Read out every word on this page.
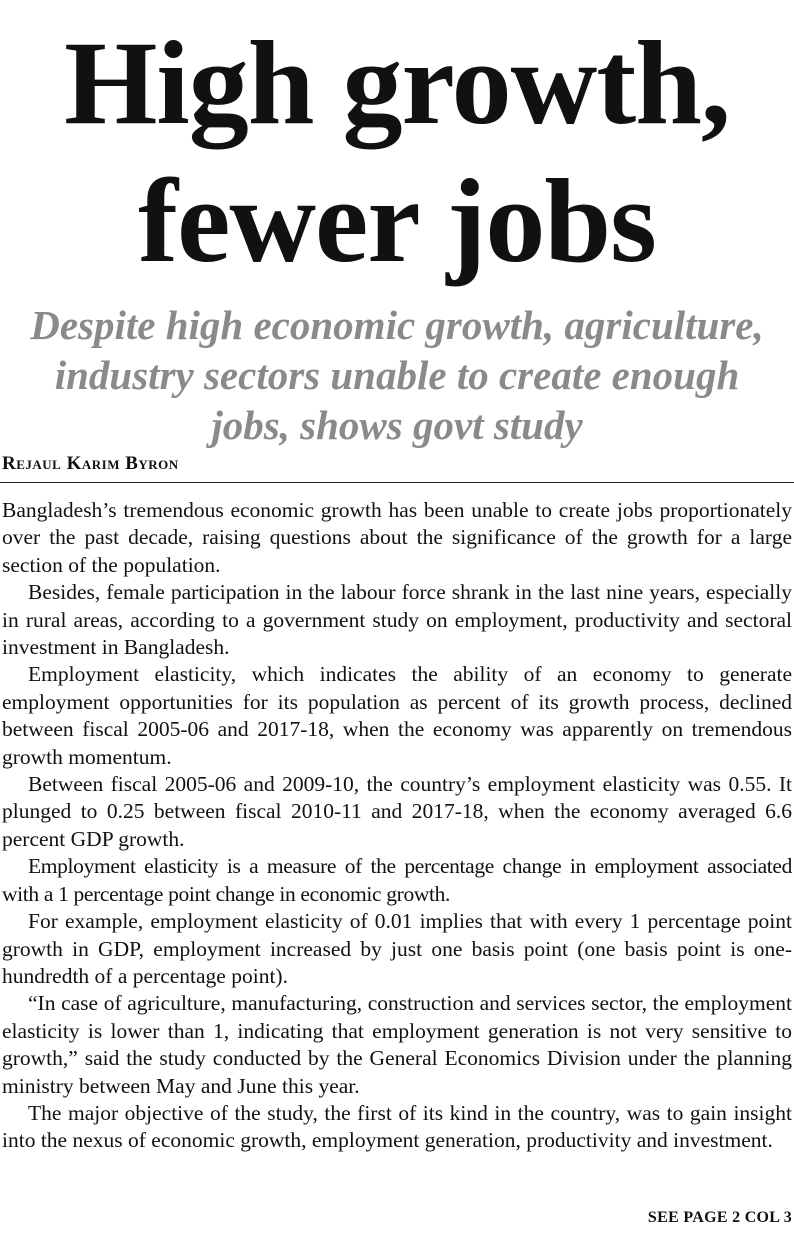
High growth,
fewer jobs
Despite high economic growth, agriculture,
industry sectors unable to create enough
jobs, shows govt study
Rejaul Karim Byron

Bangladesh’s tremendous economic growth has been unable to create jobs proportionately over the past decade, raising questions about the significance of the growth for a large section of the population.

Besides, female participation in the labour force shrank in the last nine years, especially in rural areas, according to a government study on employment, productivity and sectoral investment in Bangladesh.

Employment elasticity, which indicates the ability of an economy to generate employment opportunities for its population as percent of its growth process, declined between fiscal 2005-06 and 2017-18, when the economy was apparently on tremendous growth momentum.

Between fiscal 2005-06 and 2009-10, the country’s employment elasticity was 0.55. It plunged to 0.25 between fiscal 2010-11 and 2017-18, when the economy averaged 6.6 percent GDP growth.

Employment elasticity is a measure of the percentage change in employment associated with a 1 percentage point change in economic growth.

For example, employment elasticity of 0.01 implies that with every 1 percentage point growth in GDP, employment increased by just one basis point (one basis point is one-hundredth of a percentage point).

“In case of agriculture, manufacturing, construction and services sector, the employment elasticity is lower than 1, indicating that employment generation is not very sensitive to growth,” said the study conducted by the General Economics Division under the planning ministry between May and June this year.

The major objective of the study, the first of its kind in the country, was to gain insight into the nexus of economic growth, employment generation, productivity and investment.

SEE PAGE 2 COL 3
